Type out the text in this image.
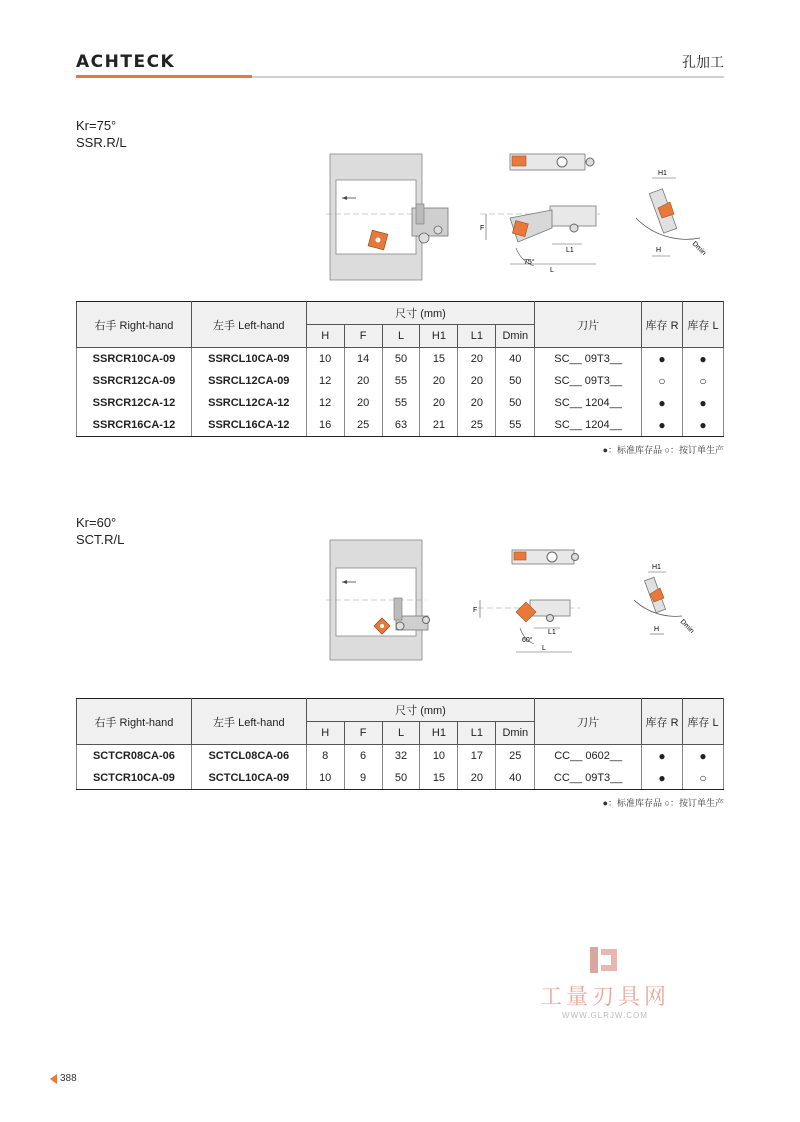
ACHTECK	孔加工
Kr=75°
SSR.R/L
F
L1
L
75°
H1
H	Dmin
右手 Right-hand	左手 Left-hand	尺寸 (mm)						刀片	库存 R	库存 L
		H	F	L	H1	L1	Dmin			
SSRCR10CA-09	SSRCL10CA-09	10	14	50	15	20	40	SC__ 09T3__	●	●
SSRCR12CA-09	SSRCL12CA-09	12	20	55	20	20	50	SC__ 09T3__	○	○
SSRCR12CA-12	SSRCL12CA-12	12	20	55	20	20	50	SC__ 1204__	●	●
SSRCR16CA-12	SSRCL16CA-12	16	25	63	21	25	55	SC__ 1204__	●	●
●：标准库存品 ○：按订单生产
Kr=60°
SCT.R/L
F
L1
L
60°
H1
H	Dmin
右手 Right-hand	左手 Left-hand	尺寸 (mm)						刀片	库存 R	库存 L
		H	F	L	H1	L1	Dmin			
SCTCR08CA-06	SCTCL08CA-06	8	6	32	10	17	25	CC__ 0602__	●	●
SCTCR10CA-09	SCTCL10CA-09	10	9	50	15	20	40	CC__ 09T3__	●	○
●：标准库存品 ○：按订单生产
工量刃具网
WWW.GLRJW.COM
388
